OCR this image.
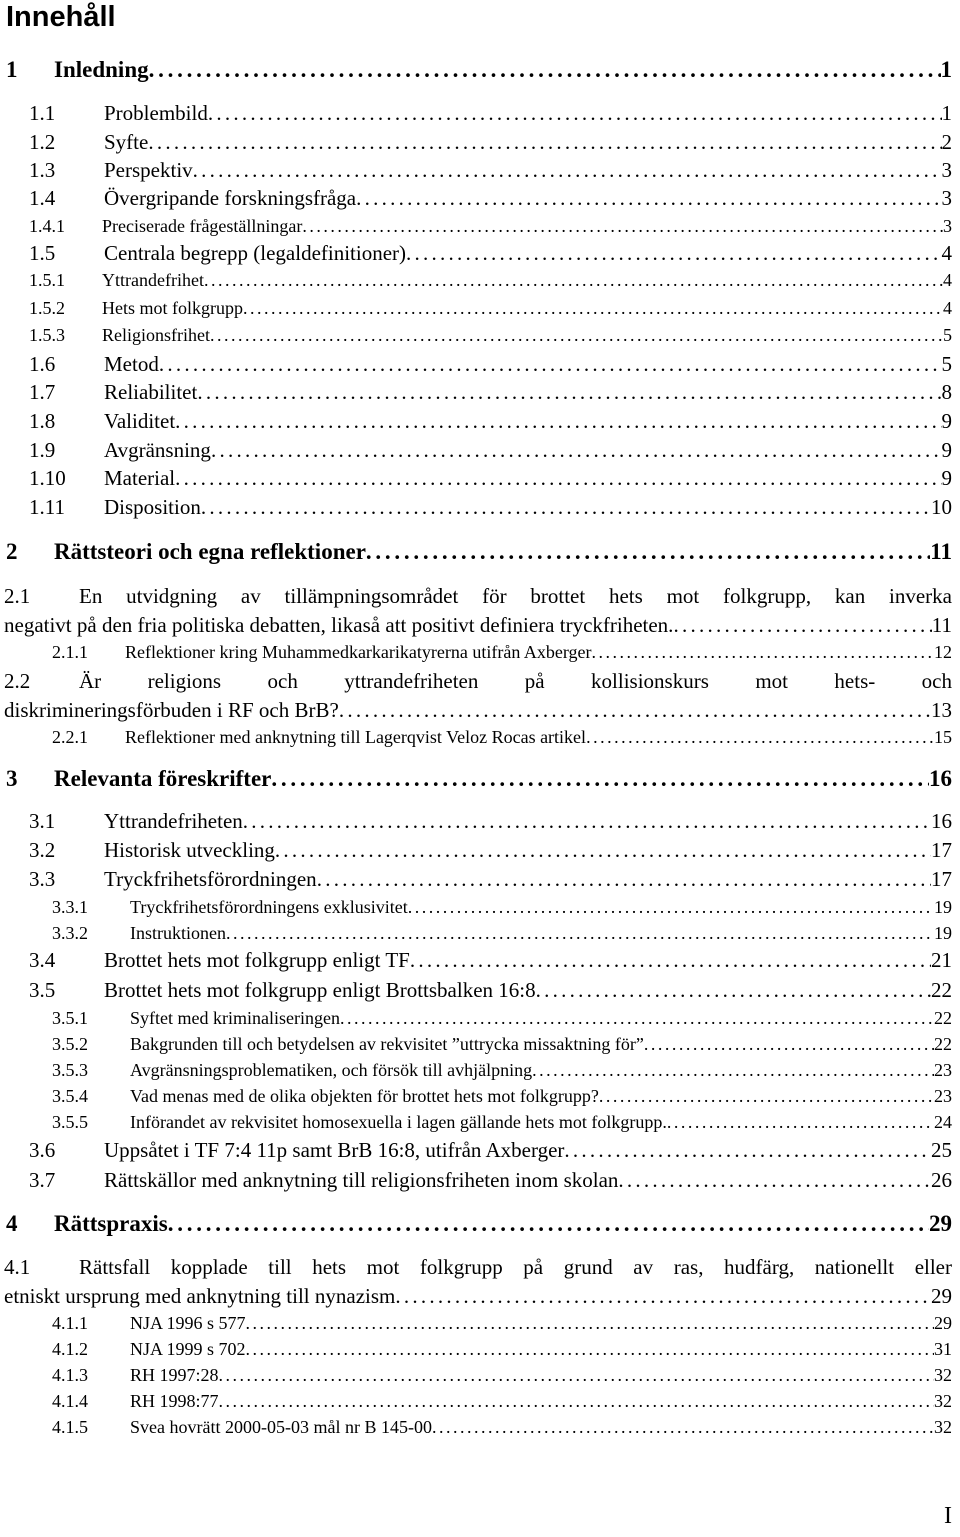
Innehåll
1	Inledning . . .	1
1.1	Problembild . . .	1
1.2	Syfte . . .	2
1.3	Perspektiv . . .	3
1.4	Övergripande forskningsfråga . . .	3
1.4.1	Preciserade frågeställningar . . .	3
1.5	Centrala begrepp (legaldefinitioner) . . .	4
1.5.1	Yttrandefrihet . . .	4
1.5.2	Hets mot folkgrupp . . .	4
1.5.3	Religionsfrihet . . .	5
1.6	Metod . . .	5
1.7	Reliabilitet . . .	8
1.8	Validitet . . .	9
1.9	Avgränsning . . .	9
1.10	Material . . .	9
1.11	Disposition . . .	10
2	Rättsteori och egna reflektioner . . .	11
2.1 En utvidgning av tillämpningsområdet för brottet hets mot folkgrupp, kan inverka
negativt på den fria politiska debatten, likaså att positivt definiera tryckfriheten. . . .	11
2.1.1	Reflektioner kring Muhammedkarkarikatyrerna utifrån Axberger . . .	12
2.2 Är religions och yttrandefriheten på kollisionskurs mot hets- och
diskrimineringsförbuden i RF och BrB? . . .	13
2.2.1	Reflektioner med anknytning till Lagerqvist Veloz Rocas artikel . . .	15
3	Relevanta föreskrifter . . .	16
3.1	Yttrandefriheten . . .	16
3.2	Historisk utveckling . . .	17
3.3	Tryckfrihetsförordningen . . .	17
3.3.1	Tryckfrihetsförordningens exklusivitet . . .	19
3.3.2	Instruktionen . . .	19
3.4	Brottet hets mot folkgrupp enligt TF . . .	21
3.5	Brottet hets mot folkgrupp enligt Brottsbalken 16:8 . . .	22
3.5.1	Syftet med kriminaliseringen . . .	22
3.5.2	Bakgrunden till och betydelsen av rekvisitet ”uttrycka missaktning för” . . .	22
3.5.3	Avgränsningsproblematiken, och försök till avhjälpning . . .	23
3.5.4	Vad menas med de olika objekten för brottet hets mot folkgrupp? . . .	23
3.5.5	Införandet av rekvisitet homosexuella i lagen gällande hets mot folkgrupp. . . .	24
3.6	Uppsåtet i TF 7:4 11p samt BrB 16:8, utifrån Axberger . . .	25
3.7	Rättskällor med anknytning till religionsfriheten inom skolan . . .	26
4	Rättspraxis . . .	29
4.1 Rättsfall kopplade till hets mot folkgrupp på grund av ras, hudfärg, nationellt eller
etniskt ursprung med anknytning till nynazism . . .	29
4.1.1	NJA 1996 s 577 . . .	29
4.1.2	NJA 1999 s 702 . . .	31
4.1.3	RH 1997:28 . . .	32
4.1.4	RH 1998:77 . . .	32
4.1.5	Svea hovrätt 2000-05-03 mål nr B 145-00 . . .	32
I
